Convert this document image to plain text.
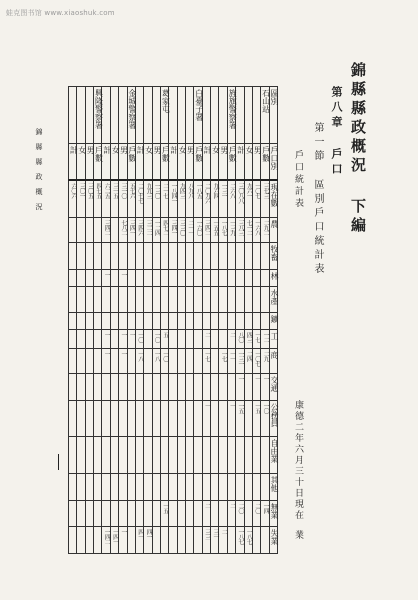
蛙克图书馆 www.xiaoshuk.com
錦縣縣政概況 下編
第八章 戶口
第一節 區別戶口統計表
戶口統計表
康德二年六月三十日現在
業
錦縣縣政概況
			興隆警察署				金城警察署				葛家屯				白臺子署				旌旗警察署				石山站	區別
計	女	男	戶數	計	女	男	戶數	計	女	男	戶數	計	女	男	戶數	計	女	男	戶數	計	女	男	戶數	戶口別
六〇六	三〇一	三〇五	四七五	六二五	三一五	三一〇	五七六	二〇七七	九九三	一三〇	二一七	一八四一	九四三	八九八	一八五	二〇九六	九六四	一三一	二六八	三〇八八	九六一	一〇七	三七三	現在數
				三四二		七八二	三四一	三四六	三二二	一二四	四七二	三四一	三三〇	二一一	一六〇	三四二	一五五	一八七	一三九	三八三	七一二	一六八	二九二	農
																								牧畜
				一		一																		林
																								水產
																								鑛
				一		一	一	一〇		一〇	五					二			二	八〇	四三	一七	一二	工
				一		一		一八		一八	一〇					一七		一七	一一	一三一	二四	一〇七	二九	商
																				一		一	一	交通
																一			一	一五		一五	一〇	公務員
																								自由業
																								其他
											一五					二			二	二〇		二〇	一四	無業
				一四二	一四一	一		四一	四一							三三	三一	二		一八七	一八七			失業
